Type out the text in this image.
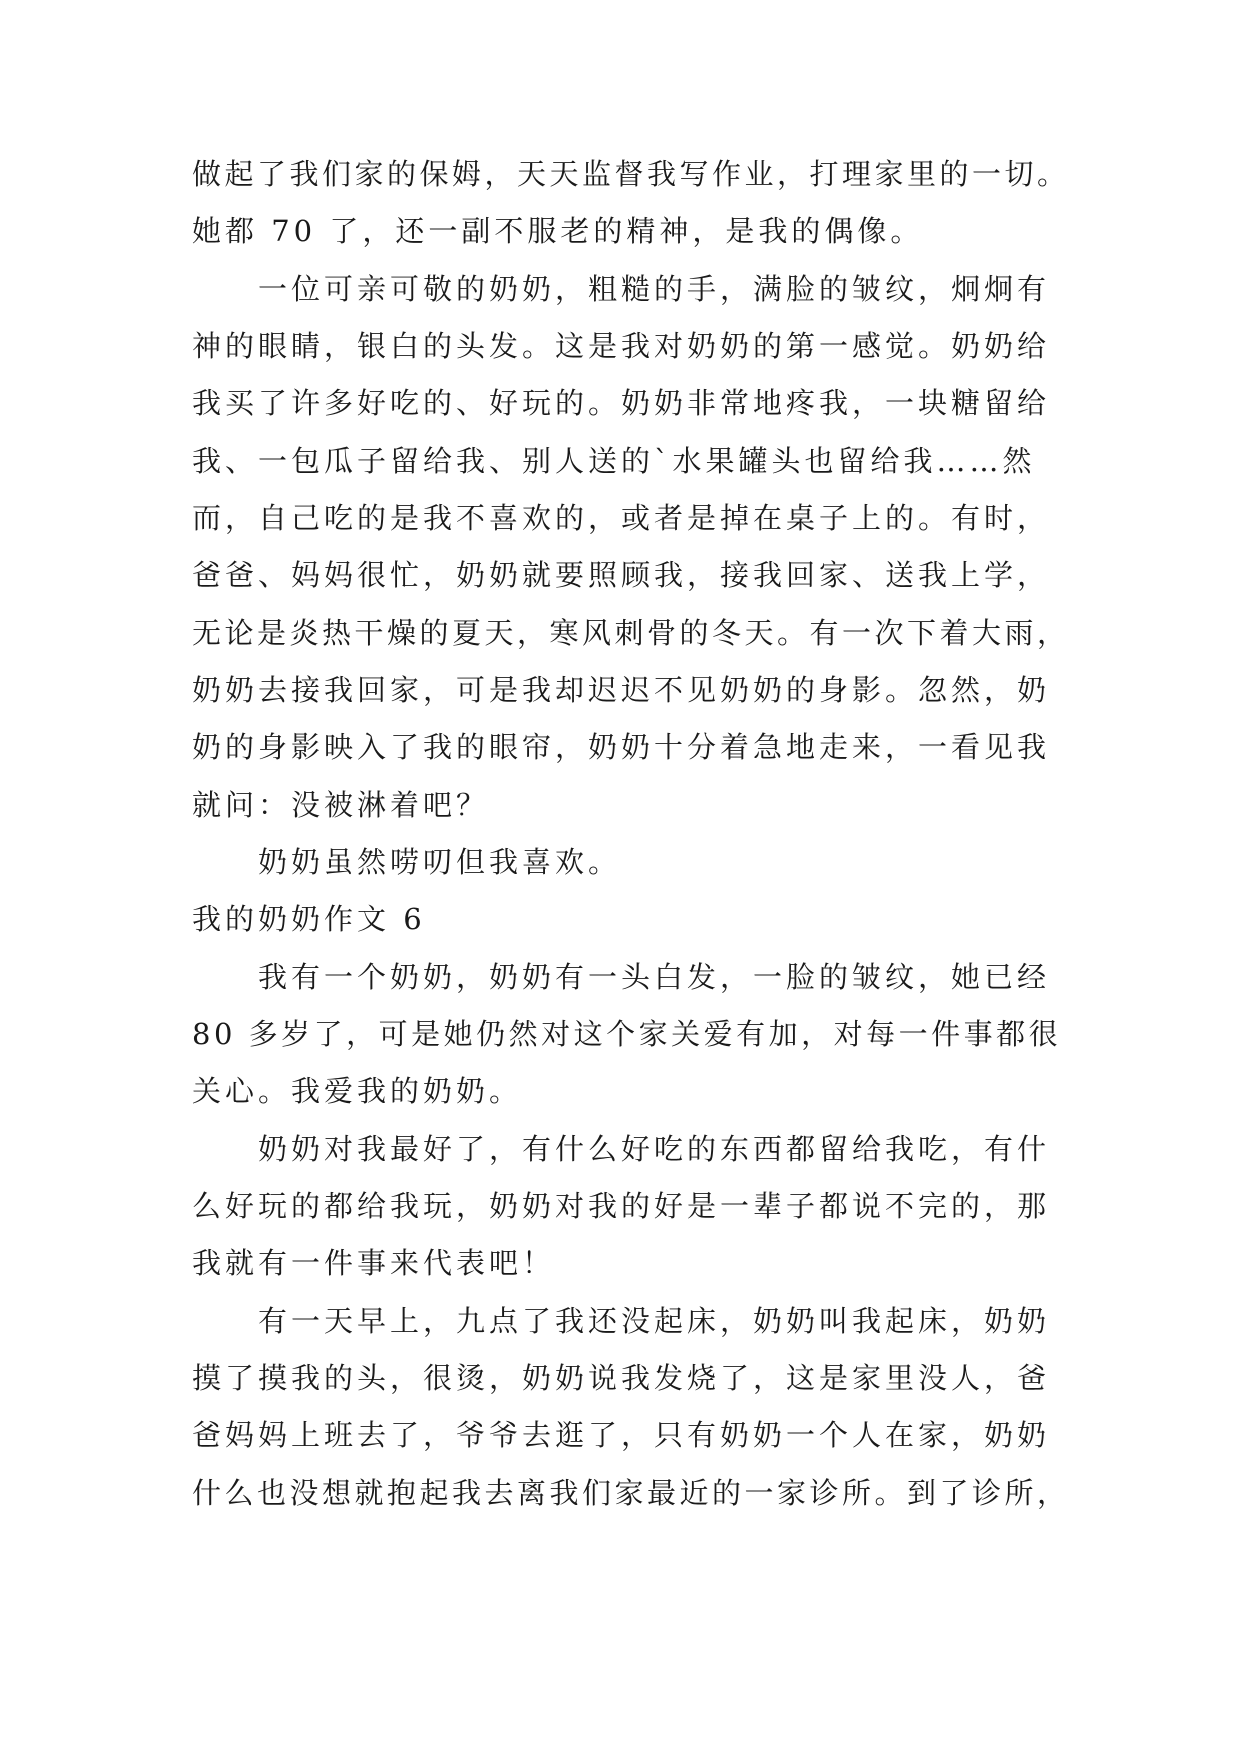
做起了我们家的保姆，天天监督我写作业，打理家里的一切。
她都 70 了，还一副不服老的精神，是我的偶像。
一位可亲可敬的奶奶，粗糙的手，满脸的皱纹，炯炯有
神的眼睛，银白的头发。这是我对奶奶的第一感觉。奶奶给
我买了许多好吃的、好玩的。奶奶非常地疼我，一块糖留给
我、一包瓜子留给我、别人送的`水果罐头也留给我……然
而，自己吃的是我不喜欢的，或者是掉在桌子上的。有时，
爸爸、妈妈很忙，奶奶就要照顾我，接我回家、送我上学，
无论是炎热干燥的夏天，寒风刺骨的冬天。有一次下着大雨，
奶奶去接我回家，可是我却迟迟不见奶奶的身影。忽然，奶
奶的身影映入了我的眼帘，奶奶十分着急地走来，一看见我
就问：没被淋着吧？
奶奶虽然唠叨但我喜欢。
我的奶奶作文 6
我有一个奶奶，奶奶有一头白发，一脸的皱纹，她已经
80 多岁了，可是她仍然对这个家关爱有加，对每一件事都很
关心。我爱我的奶奶。
奶奶对我最好了，有什么好吃的东西都留给我吃，有什
么好玩的都给我玩，奶奶对我的好是一辈子都说不完的，那
我就有一件事来代表吧！
有一天早上，九点了我还没起床，奶奶叫我起床，奶奶
摸了摸我的头，很烫，奶奶说我发烧了，这是家里没人，爸
爸妈妈上班去了，爷爷去逛了，只有奶奶一个人在家，奶奶
什么也没想就抱起我去离我们家最近的一家诊所。到了诊所，
